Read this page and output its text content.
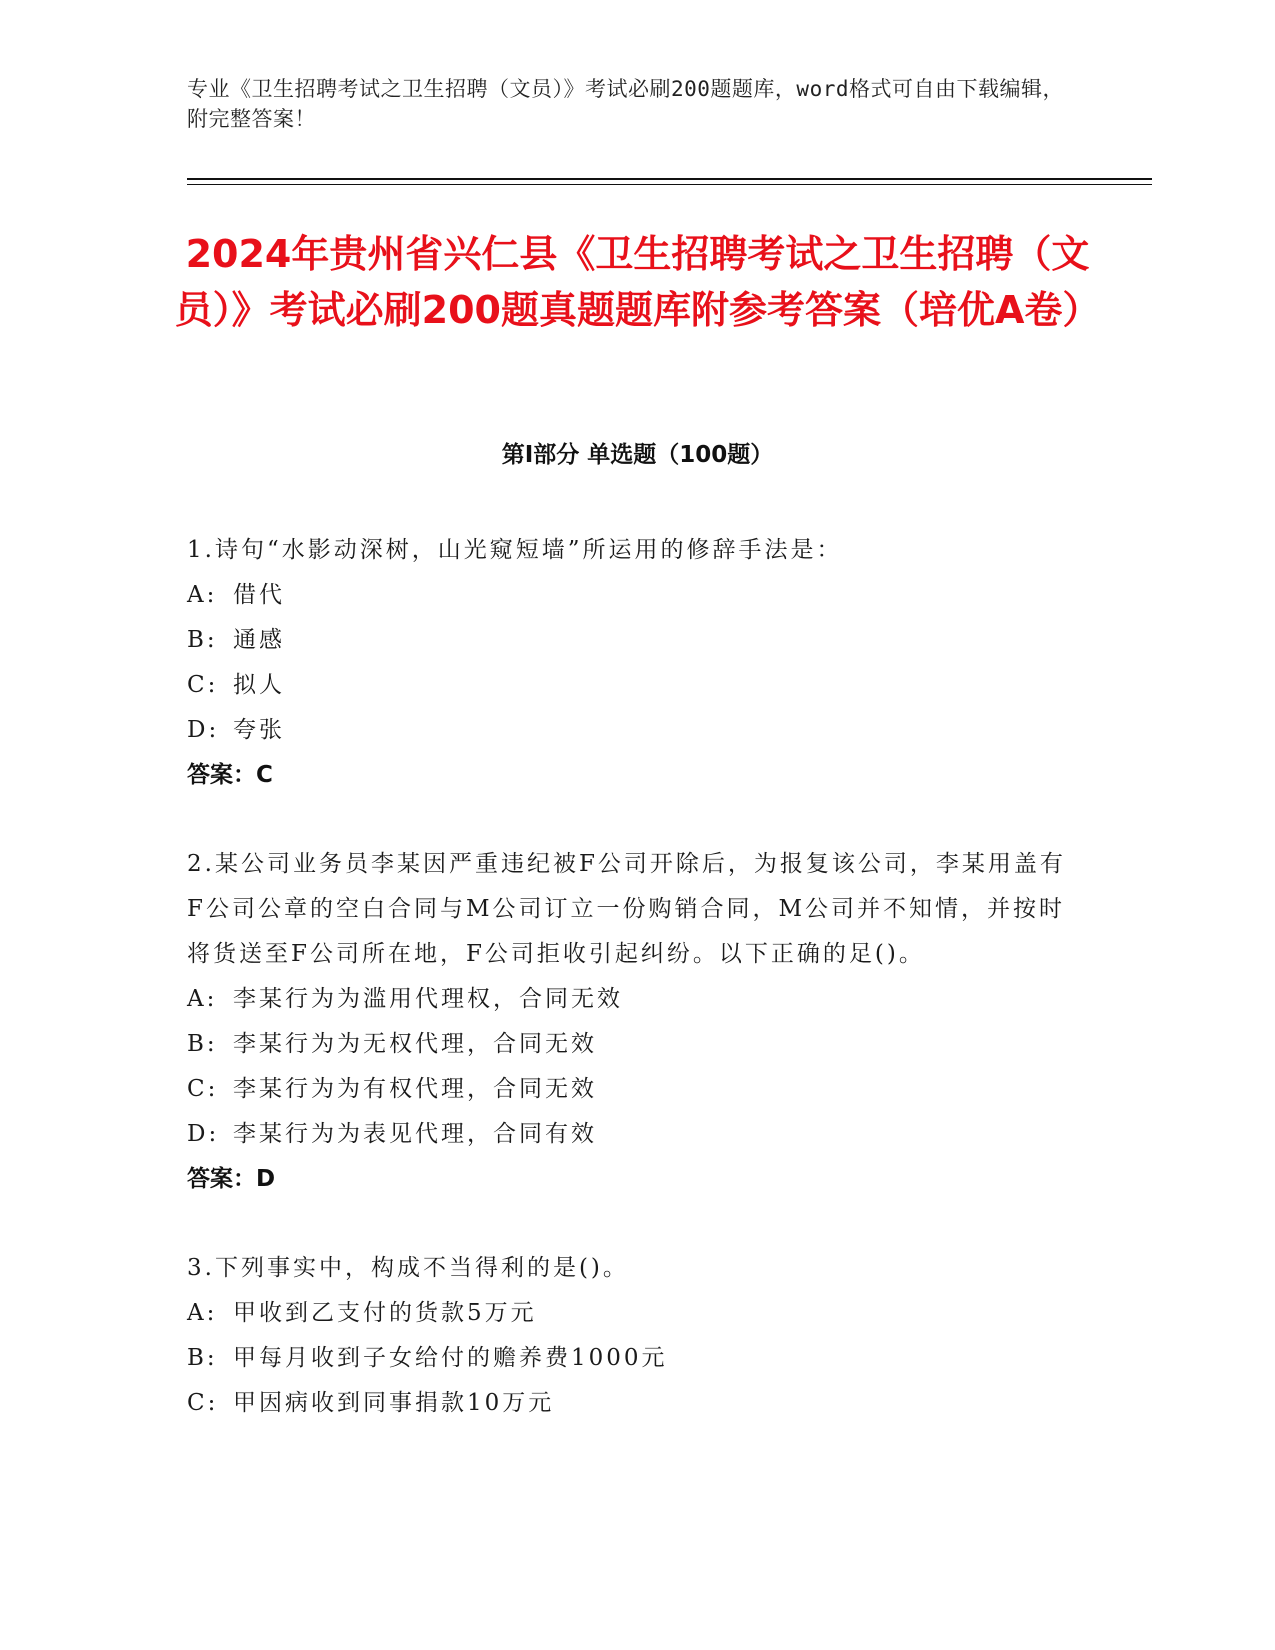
专业《卫生招聘考试之卫生招聘（文员）》考试必刷200题题库，word格式可自由下载编辑，附完整答案！
2024年贵州省兴仁县《卫生招聘考试之卫生招聘（文员）》考试必刷200题真题题库附参考答案（培优A卷）
第I部分 单选题（100题）
1.诗句“水影动深树，山光窥短墙”所运用的修辞手法是：
A: 借代
B: 通感
C: 拟人
D: 夸张
答案：C
2.某公司业务员李某因严重违纪被F公司开除后，为报复该公司，李某用盖有F公司公章的空白合同与M公司订立一份购销合同，M公司并不知情，并按时将货送至F公司所在地，F公司拒收引起纠纷。以下正确的足()。
A: 李某行为为滥用代理权，合同无效
B: 李某行为为无权代理，合同无效
C: 李某行为为有权代理，合同无效
D: 李某行为为表见代理，合同有效
答案：D
3.下列事实中，构成不当得利的是()。
A: 甲收到乙支付的货款5万元
B: 甲每月收到子女给付的赡养费1000元
C: 甲因病收到同事捐款10万元
